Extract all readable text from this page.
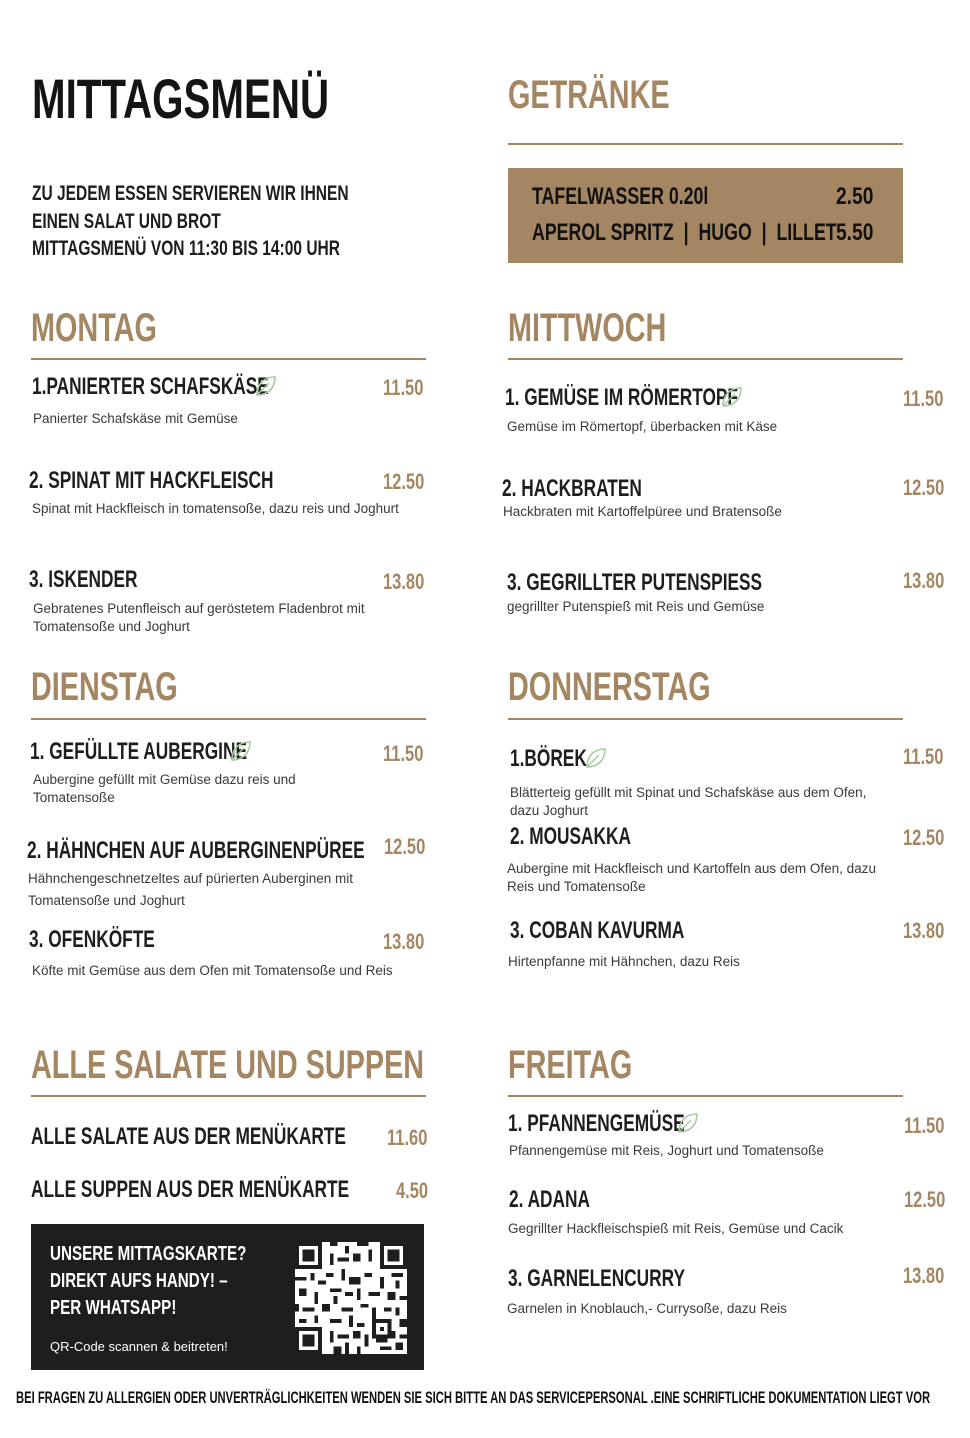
MITTAGSMENÜ
ZU JEDEM ESSEN SERVIEREN WIR IHNEN
EINEN SALAT UND BROT
MITTAGSMENÜ VON 11:30 BIS 14:00 UHR
GETRÄNKE
TAFELWASSER 0.20l	2.50
APEROL SPRITZ  |  HUGO  |  LILLET 5.50
MONTAG
1.PANIERTER SCHAFSKÄSE	11.50
Panierter Schafskäse mit Gemüse
2. SPINAT MIT HACKFLEISCH	12.50
Spinat mit Hackfleisch in tomatensoße, dazu reis und Joghurt
3. ISKENDER	13.80
Gebratenes Putenfleisch auf geröstetem Fladenbrot mit Tomatensoße und Joghurt
MITTWOCH
1. GEMÜSE IM RÖMERTOPF	11.50
Gemüse im Römertopf, überbacken mit Käse
2. HACKBRATEN	12.50
Hackbraten mit Kartoffelpüree und Bratensoße
3. GEGRILLTER PUTENSPIESS	13.80
gegrillter Putenspieß mit Reis und Gemüse
DIENSTAG
1. GEFÜLLTE AUBERGINE	11.50
Aubergine gefüllt mit Gemüse dazu reis und Tomatensoße
2. HÄHNCHEN AUF AUBERGINENPÜREE 12.50
Hähnchengeschnetzeltes auf pürierten Auberginen mit Tomatensoße und Joghurt
3. OFENKÖFTE	13.80
Köfte mit Gemüse aus dem Ofen mit Tomatensoße und Reis
DONNERSTAG
1.BÖREK	11.50
Blätterteig gefüllt mit Spinat und Schafskäse aus dem Ofen, dazu Joghurt
2. MOUSAKKA	12.50
Aubergine mit Hackfleisch und Kartoffeln aus dem Ofen, dazu Reis und Tomatensoße
3. COBAN KAVURMA	13.80
Hirtenpfanne mit Hähnchen, dazu Reis
ALLE SALATE UND SUPPEN
ALLE SALATE AUS DER MENÜKARTE 11.60
ALLE SUPPEN AUS DER MENÜKARTE 4.50
UNSERE MITTAGSKARTE?
DIREKT AUFS HANDY! –
PER WHATSAPP!
QR-Code scannen & beitreten!
FREITAG
1. PFANNENGEMÜSE	11.50
Pfannengemüse mit Reis, Joghurt und Tomatensoße
2. ADANA	12.50
Gegrillter Hackfleischspieß mit Reis, Gemüse und Cacik
3. GARNELENCURRY	13.80
Garnelen in Knoblauch,- Currysoße, dazu Reis
BEI FRAGEN ZU ALLERGIEN ODER UNVERTRÄGLICHKEITEN WENDEN SIE SICH BITTE AN DAS SERVICEPERSONAL .EINE SCHRIFTLICHE DOKUMENTATION LIEGT VOR
